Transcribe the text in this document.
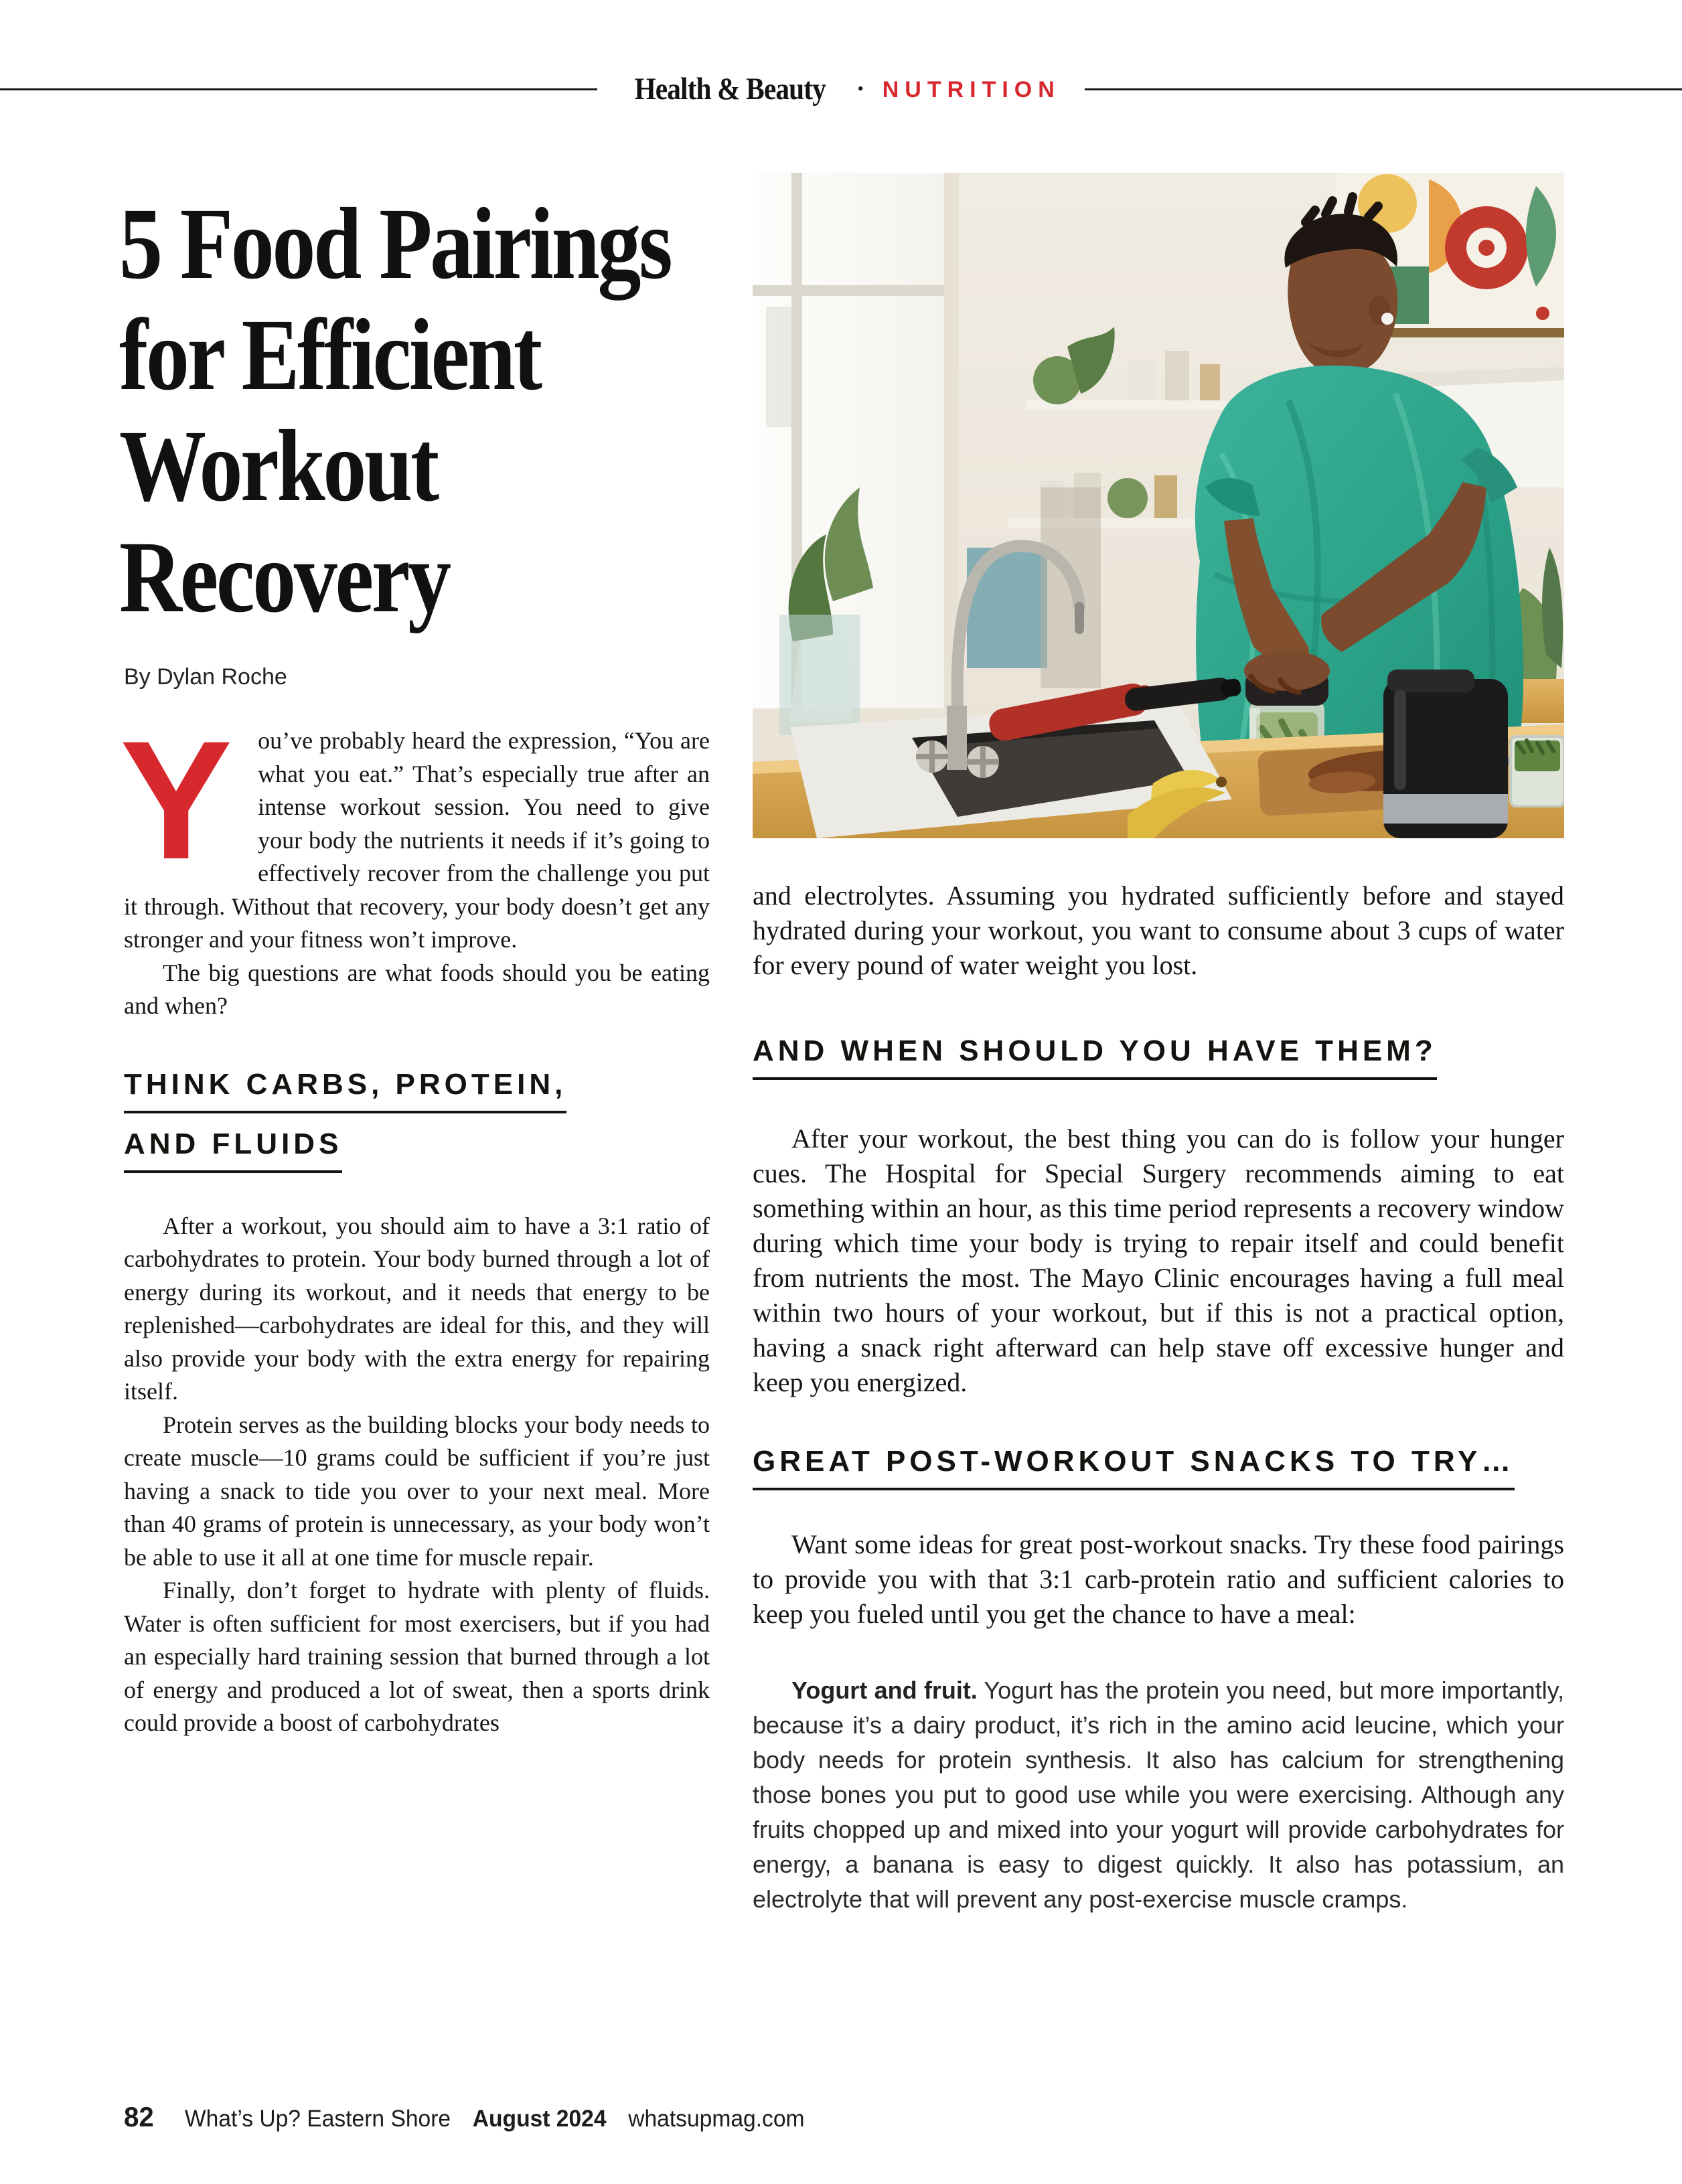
Health & Beauty • NUTRITION
5 Food Pairings
for Efficient
Workout
Recovery
By Dylan Roche

Y ou’ve probably heard the expression, “You are what you eat.” That’s especially true after an intense workout session. You need to give your body the nutrients it needs if it’s going to effectively recover from the challenge you put it through. Without that recovery, your body doesn’t get any stronger and your fitness won’t improve.

The big questions are what foods should you be eating and when?

THINK CARBS, PROTEIN,
AND FLUIDS

After a workout, you should aim to have a 3:1 ratio of carbohydrates to protein. Your body burned through a lot of energy during its workout, and it needs that energy to be replenished—carbohydrates are ideal for this, and they will also provide your body with the extra energy for repairing itself.

Protein serves as the building blocks your body needs to create muscle—10 grams could be sufficient if you’re just having a snack to tide you over to your next meal. More than 40 grams of protein is unnecessary, as your body won’t be able to use it all at one time for muscle repair.

Finally, don’t forget to hydrate with plenty of fluids. Water is often sufficient for most exercisers, but if you had an especially hard training session that burned through a lot of energy and produced a lot of sweat, then a sports drink could provide a boost of carbohydrates

and electrolytes. Assuming you hydrated sufficiently before and stayed hydrated during your workout, you want to consume about 3 cups of water for every pound of water weight you lost.

AND WHEN SHOULD YOU HAVE THEM?

After your workout, the best thing you can do is follow your hunger cues. The Hospital for Special Surgery recommends aiming to eat something within an hour, as this time period represents a recovery window during which time your body is trying to repair itself and could benefit from nutrients the most. The Mayo Clinic encourages having a full meal within two hours of your workout, but if this is not a practical option, having a snack right afterward can help stave off excessive hunger and keep you energized.

GREAT POST-WORKOUT SNACKS TO TRY…

Want some ideas for great post-workout snacks. Try these food pairings to provide you with that 3:1 carb-protein ratio and sufficient calories to keep you fueled until you get the chance to have a meal:

Yogurt and fruit. Yogurt has the protein you need, but more importantly, because it’s a dairy product, it’s rich in the amino acid leucine, which your body needs for protein synthesis. It also has calcium for strengthening those bones you put to good use while you were exercising. Although any fruits chopped up and mixed into your yogurt will provide carbohydrates for energy, a banana is easy to digest quickly. It also has potassium, an electrolyte that will prevent any post-exercise muscle cramps.

82 What’s Up? Eastern Shore August 2024 whatsupmag.com
